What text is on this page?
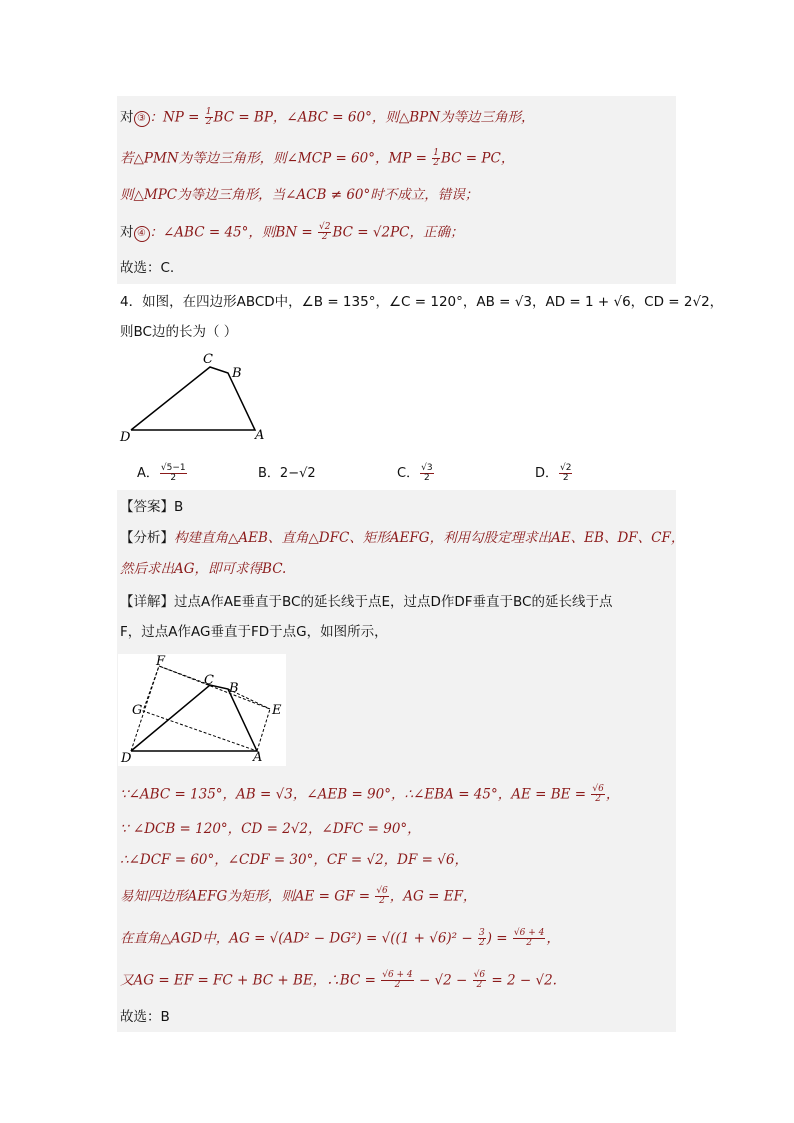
对 ③ ：NP = $\frac{1}{2}$ BC = BP，∠ABC = 60°，则△BPN为等边三角形，
若△PMN为等边三角形，则∠MCP = 60°，MP = $\frac{1}{2}$ BC = PC，
则△MPC为等边三角形，当∠ACB ≠ 60°时不成立，错误；
对 ④ ：∠ABC = 45°，则BN = $\frac{√2}{2}$ BC = √2PC，正确；
故选：C.
4．如图，在四边形ABCD中，∠B = 135°，∠C = 120°，AB = √3，AD = 1 + √6，CD = 2√2，
则BC边的长为（ ）
C
B
D	A
A． $\frac{√5-1}{2}$	B．2−√2	C． $\frac{√3}{2}$	D． $\frac{√2}{2}$
【答案】B
【分析】构建直角△AEB、直角△DFC、矩形AEFG，利用勾股定理求出AE、EB、DF、CF，
然后求出AG，即可求得BC.
【详解】过点A作AE垂直于BC的延长线于点E，过点D作DF垂直于BC的延长线于点
F，过点A作AG垂直于FD于点G，如图所示，
F
C
B
G	E
D	A
∵∠ABC = 135°，AB = √3，∠AEB = 90°，∴∠EBA = 45°，AE = BE = $\frac{√6}{2}$ ，
∵ ∠DCB = 120°，CD = 2√2，∠DFC = 90°，
∴∠DCF = 60°，∠CDF = 30°，CF = √2，DF = √6，
易知四边形AEFG为矩形，则AE = GF = $\frac{√6}{2}$ ，AG = EF，
在直角△AGD中，AG = $√(AD^2 - DG^2) = √((1 + √6)^2 - \frac{3}{2}$ ) = $\frac{√6 + 4}{2}$ ，
又AG = EF = FC + BC + BE，∴BC = $\frac{√6 + 4}{2} - √2 - \frac{√6}{2} = 2 - √2$.
故选：B
